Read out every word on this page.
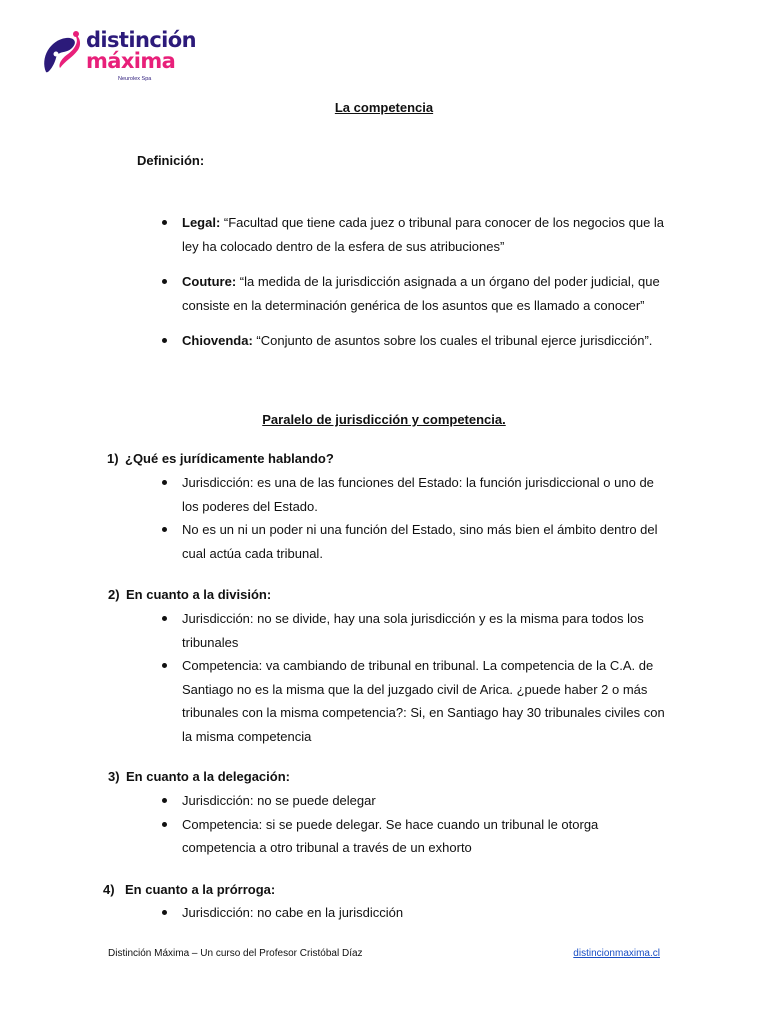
distinción
máxima
Neurolex Spa
La competencia
Definición:
Legal: “Facultad que tiene cada juez o tribunal para conocer de los negocios que la ley ha colocado dentro de la esfera de sus atribuciones”
Couture: “la medida de la jurisdicción asignada a un órgano del poder judicial, que consiste en la determinación genérica de los asuntos que es llamado a conocer”
Chiovenda: “Conjunto de asuntos sobre los cuales el tribunal ejerce jurisdicción”.
Paralelo de jurisdicción y competencia.
1) ¿Qué es jurídicamente hablando?
Jurisdicción: es una de las funciones del Estado: la función jurisdiccional o uno de los poderes del Estado.
No es un ni un poder ni una función del Estado, sino más bien el ámbito dentro del cual actúa cada tribunal.
2) En cuanto a la división:
Jurisdicción: no se divide, hay una sola jurisdicción y es la misma para todos los tribunales
Competencia: va cambiando de tribunal en tribunal. La competencia de la C.A. de Santiago no es la misma que la del juzgado civil de Arica. ¿puede haber 2 o más tribunales con la misma competencia?: Si, en Santiago hay 30 tribunales civiles con la misma competencia
3) En cuanto a la delegación:
Jurisdicción: no se puede delegar
Competencia: si se puede delegar. Se hace cuando un tribunal le otorga competencia a otro tribunal a través de un exhorto
4) En cuanto a la prórroga:
Jurisdicción: no cabe en la jurisdicción
Distinción Máxima – Un curso del Profesor Cristóbal Díaz	distincionmaxima.cl
